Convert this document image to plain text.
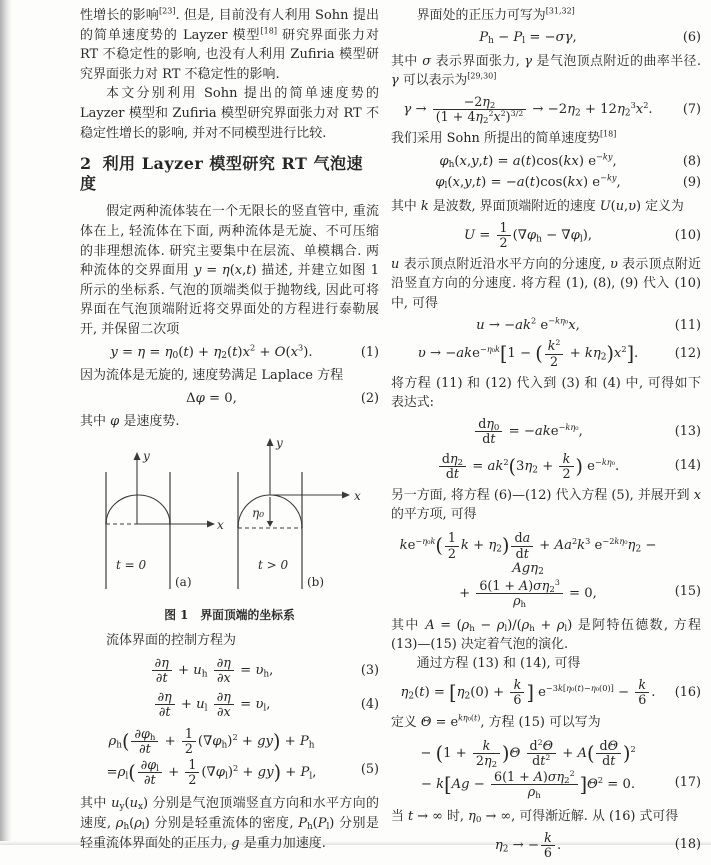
性增长的影响[23]. 但是, 目前没有人利用 Sohn 提出的简单速度势的 Layzer 模型[18] 研究界面张力对 RT 不稳定性的影响, 也没有人利用 Zufiria 模型研究界面张力对 RT 不稳定性的影响.

本文分别利用 Sohn 提出的简单速度势的 Layzer 模型和 Zufiria 模型研究界面张力对 RT 不稳定性增长的影响, 并对不同模型进行比较.

2 利用 Layzer 模型研究 RT 气泡速度

假定两种流体装在一个无限长的竖直管中, 重流体在上, 轻流体在下面, 两种流体是无旋、不可压缩的非理想流体. 研究主要集中在层流、单模耦合. 两种流体的交界面用 y = η(x,t) 描述, 并建立如图 1 所示的坐标系. 气泡的顶端类似于抛物线, 因此可将界面在气泡顶端附近将交界面处的方程进行泰勒展开, 并保留二次项

$y = \eta = \eta_0(t) + \eta_2(t)x^2 + O(x^3)$.	(1)

因为流体是无旋的, 速度势满足 Laplace 方程

Δφ = 0,	(2)

其中 φ 是速度势.

y
x
t = 0
(a)
y
x
η₀
t > 0
(b)
图 1 界面顶端的坐标系

流体界面的控制方程为

$\frac{\partial\eta}{\partial t} + u_h \frac{\partial\eta}{\partial x} = \upsilon_h$,	(3)
$\frac{\partial\eta}{\partial t} + u_l \frac{\partial\eta}{\partial x} = \upsilon_l$,	(4)
$\rho_h( \frac{\partial\varphi_h}{\partial t} + \frac{1}{2} (\nabla\varphi_h)^2 + gy) + P_h$
$=\rho_l( \frac{\partial\varphi_l}{\partial t} + \frac{1}{2} (\nabla\varphi_l)^2 + gy) + P_l$,	(5)

其中 $u_y(u_x)$ 分别是气泡顶端竖直方向和水平方向的速度, $\rho_h(\rho_l)$ 分别是轻重流体的密度, $P_h(P_l)$ 分别是轻重流体界面处的正压力, g 是重力加速度.

界面处的正压力可写为[31,32]

$P_h - P_l = -\sigma\gamma$,	(6)

其中 σ 表示界面张力, γ 是气泡顶点附近的曲率半径. γ 可以表示为[29,30]

$\gamma \to \frac{-2\eta_2}{(1 + 4\eta_2^2x^2)^{3/2}} \to -2\eta_2 + 12\eta_2^3x^2$.	(7)

我们采用 Sohn 所提出的简单速度势[18]

$\varphi_h(x,y,t) = a(t)\cos(kx)$ $e^{-ky}$,	(8)
$\varphi_l(x,y,t) = -a(t)\cos(kx)$ $e^{-ky}$,	(9)

其中 k 是波数, 界面顶端附近的速度 U(u,υ) 定义为

$U = \frac{1}{2} (\nabla\varphi_h - \nabla\varphi_l)$,	(10)

u 表示顶点附近沿水平方向的分速度, υ 表示顶点附近沿竖直方向的分速度. 将方程 (1), (8), (9) 代入 (10) 中, 可得

$u \to -ak^2$ $e^{-k\eta_0}x$,	(11)
υ → −ake$^{-\eta_0k}$[1 − ( $\frac{k^2}{2} + k\eta_2)x^2$].	(12)

将方程 (11) 和 (12) 代入到 (3) 和 (4) 中, 可得如下表达式:

$\frac{d\eta_0}{dt} = -ake^{-k\eta_0}$,	(13)
$\frac{d\eta_2}{dt} = ak^2(3\eta_2 + \frac{k}{2}$ ) $e^{-k\eta_0}$.	(14)

另一方面, 将方程 (6)—(12) 代入方程 (5), 并展开到 x 的平方项, 可得

$ke^{-\eta_0k}( \frac{1}{2}$ $k + \eta_2) \frac{da}{dt} + Aa^2k^3$ $e^{-2k\eta_0}\eta_2 - Ag\eta_2$
+ $\frac{6(1 + A)\sigma\eta_2^3}{\rho_h} = 0$,	(15)

其中 $A = (\rho_h - \rho_l)/(\rho_h + \rho_l)$ 是阿特伍德数, 方程 (13)—(15) 决定着气泡的演化.

通过方程 (13) 和 (14), 可得

$\eta_2(t) = [\eta_2(0) + \frac{k}{6}$ ] $e^{-3k[\eta_0(t)-\eta_0(0)]} - \frac{k}{6}$ .	(16)

定义 $\Theta = e^{k\eta_0(t)}$, 方程 (15) 可以写为

− $(1 + \frac{k}{2\eta_2} )\Theta \frac{d^2\Theta}{dt^2} + A( \frac{d\Theta}{dt} )^2$
− $k[Ag - \frac{6(1 + A)\sigma\eta_2^2}{\rho_h} ]\Theta^2 = 0$.	(17)

当 t → ∞ 时, $\eta_0$ → ∞, 可得渐近解. 从 (16) 式可得

$\eta_2$ → − $\frac{k}{6}$ .	(18)
